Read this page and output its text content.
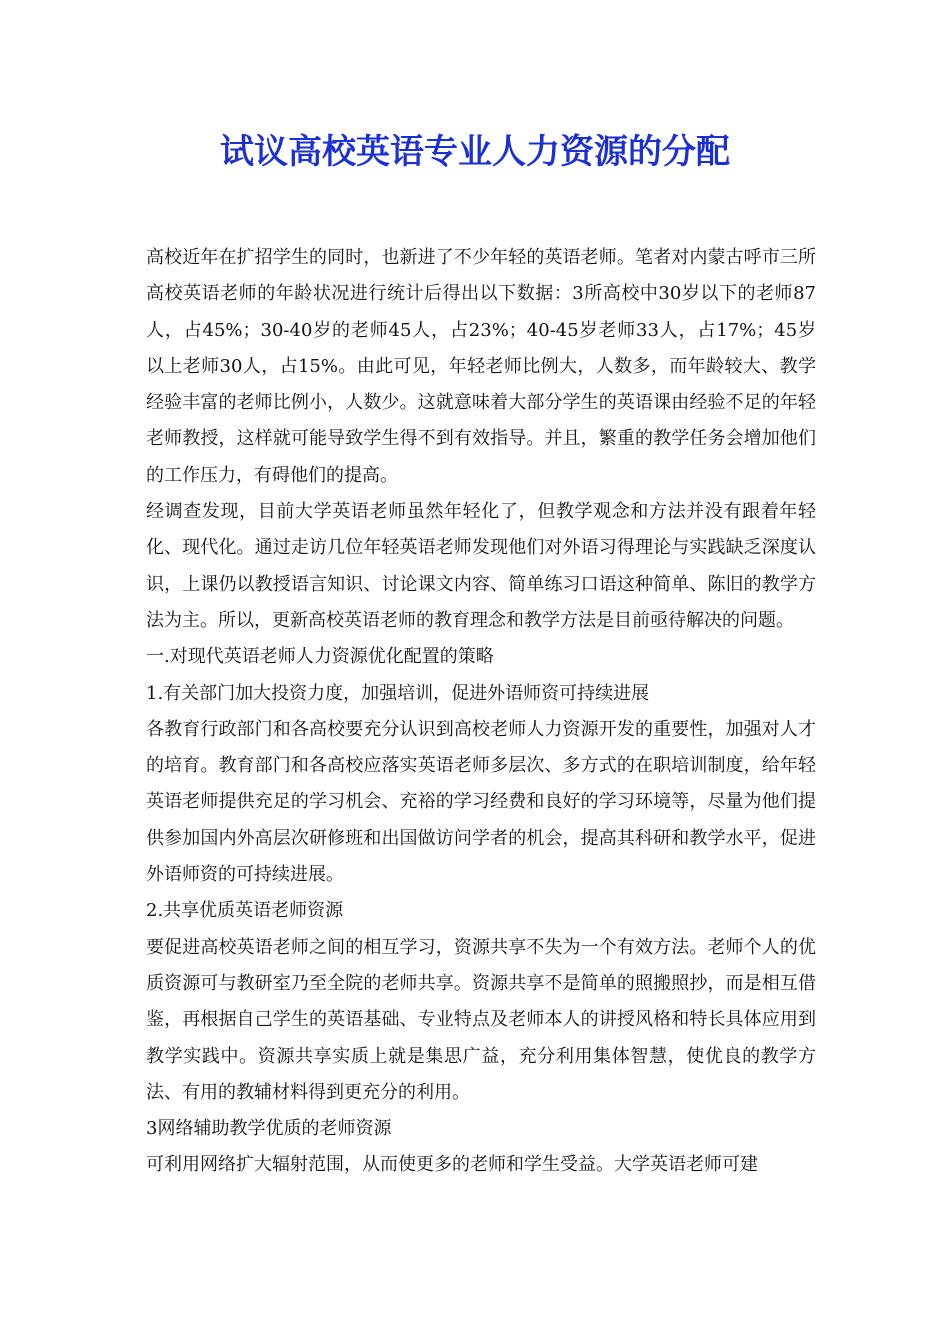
试议高校英语专业人力资源的分配

高校近年在扩招学生的同时，也新进了不少年轻的英语老师。笔者对内蒙古呼市三所高校英语老师的年龄状况进行统计后得出以下数据：3所高校中30岁以下的老师87人，占45%；30-40岁的老师45人，占23%；40-45岁老师33人，占17%；45岁以上老师30人，占15%。由此可见，年轻老师比例大，人数多，而年龄较大、教学经验丰富的老师比例小，人数少。这就意味着大部分学生的英语课由经验不足的年轻老师教授，这样就可能导致学生得不到有效指导。并且，繁重的教学任务会增加他们的工作压力，有碍他们的提高。

经调查发现，目前大学英语老师虽然年轻化了，但教学观念和方法并没有跟着年轻化、现代化。通过走访几位年轻英语老师发现他们对外语习得理论与实践缺乏深度认识，上课仍以教授语言知识、讨论课文内容、简单练习口语这种简单、陈旧的教学方法为主。所以，更新高校英语老师的教育理念和教学方法是目前亟待解决的问题。

一.对现代英语老师人力资源优化配置的策略

1.有关部门加大投资力度，加强培训，促进外语师资可持续进展

各教育行政部门和各高校要充分认识到高校老师人力资源开发的重要性，加强对人才的培育。教育部门和各高校应落实英语老师多层次、多方式的在职培训制度，给年轻英语老师提供充足的学习机会、充裕的学习经费和良好的学习环境等，尽量为他们提供参加国内外高层次研修班和出国做访问学者的机会，提高其科研和教学水平，促进外语师资的可持续进展。

2.共享优质英语老师资源

要促进高校英语老师之间的相互学习，资源共享不失为一个有效方法。老师个人的优质资源可与教研室乃至全院的老师共享。资源共享不是简单的照搬照抄，而是相互借鉴，再根据自己学生的英语基础、专业特点及老师本人的讲授风格和特长具体应用到教学实践中。资源共享实质上就是集思广益，充分利用集体智慧，使优良的教学方法、有用的教辅材料得到更充分的利用。

3网络辅助教学优质的老师资源

可利用网络扩大辐射范围，从而使更多的老师和学生受益。大学英语老师可建
